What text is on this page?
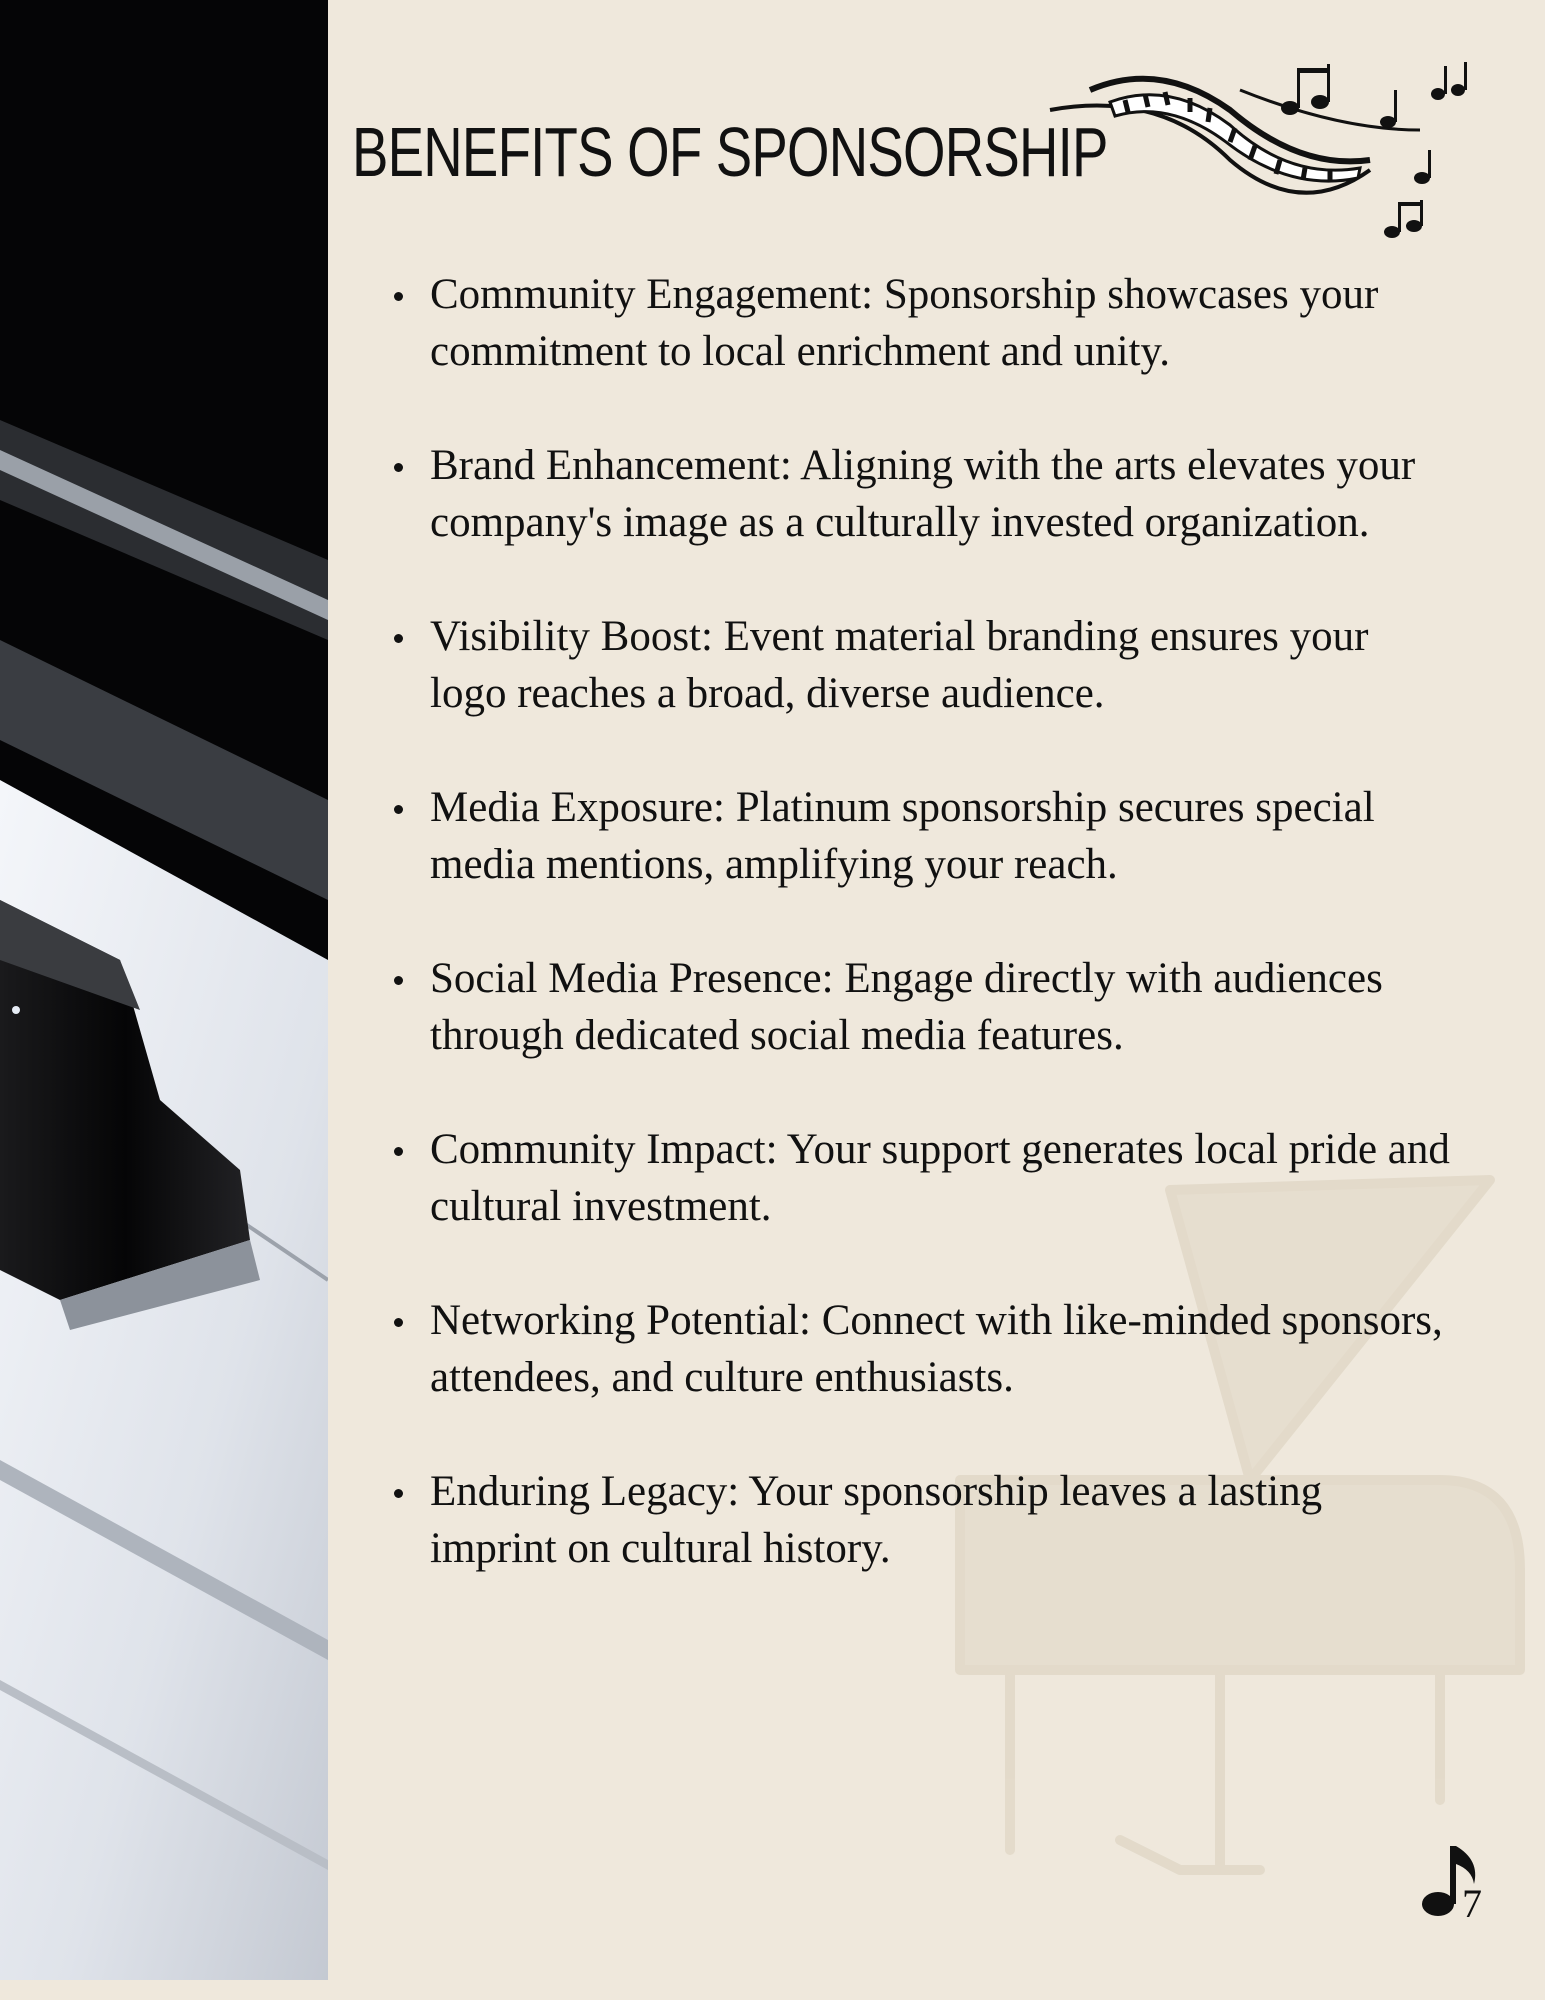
BENEFITS OF SPONSORSHIP
Community Engagement: Sponsorship showcases your commitment to local enrichment and unity.
Brand Enhancement: Aligning with the arts elevates your company's image as a culturally invested organization.
Visibility Boost: Event material branding ensures your logo reaches a broad, diverse audience.
Media Exposure: Platinum sponsorship secures special media mentions, amplifying your reach.
Social Media Presence: Engage directly with audiences through dedicated social media features.
Community Impact: Your support generates local pride and cultural investment.
Networking Potential: Connect with like-minded sponsors, attendees, and culture enthusiasts.
Enduring Legacy: Your sponsorship leaves a lasting imprint on cultural history.
7
